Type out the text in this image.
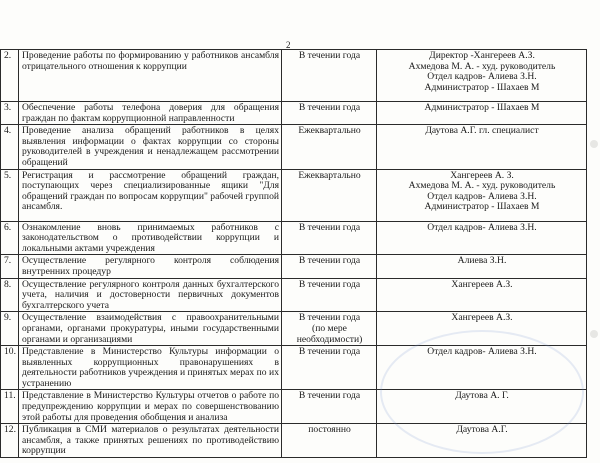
2
2.	Проведение работы по формированию у работников ансамбля отрицательного отношения к коррупции	В течении года	Директор -Хангереев А.З.
Ахмедова М. А. - худ. руководитель
Отдел кадров- Алиева З.Н.
Администратор - Шахаев М

3.	Обеспечение работы телефона доверия для обращения граждан по фактам коррупционной направленности	В течении года	Администратор - Шахаев М

4.	Проведение анализа обращений работников в целях выявления информации о фактах коррупции со стороны руководителей в учреждения и ненадлежащем рассмотрении обращений	Ежеквартально	Даутова А.Г. гл. специалист

5.	Регистрация и рассмотрение обращений граждан, поступающих через специализированные ящики "Для обращений граждан по вопросам коррупции" рабочей группой ансамбля.	Ежеквартально	Хангереев А. З.
Ахмедова М. А. - худ. руководитель
Отдел кадров- Алиева З.Н.
Администратор - Шахаев М

6.	Ознакомление вновь принимаемых работников с законодательством о противодействии коррупции и локальными актами учреждения	В течении года	Отдел кадров- Алиева З.Н.

7.	Осуществление регулярного контроля соблюдения внутренних процедур	В течении года	Алиева З.Н.

8.	Осуществление регулярного контроля данных бухгалтерского учета, наличия и достоверности первичных документов бухгалтерского учета	В течении года	Хангереев А.З.

9.	Осуществление взаимодействия с правоохранительными органами, органами прокуратуры, иными государственными органами и организациями	В течении года
(по мере
необходимости)	Хангереев А.З.

10.	Представление в Министерство Культуры информации о выявленных коррупционных правонарушениях в деятельности работников учреждения и принятых мерах по их устранению	В течении года	Отдел кадров- Алиева З.Н.

11.	Представление в Министерство Культуры отчетов о работе по предупреждению коррупции и мерах по совершенствованию этой работы для проведения обобщения и анализа	В течении года	Даутова А. Г.

12.	Публикация в СМИ материалов о результатах деятельности ансамбля, а также принятых решениях по противодействию коррупции	постоянно	Даутова А.Г.
